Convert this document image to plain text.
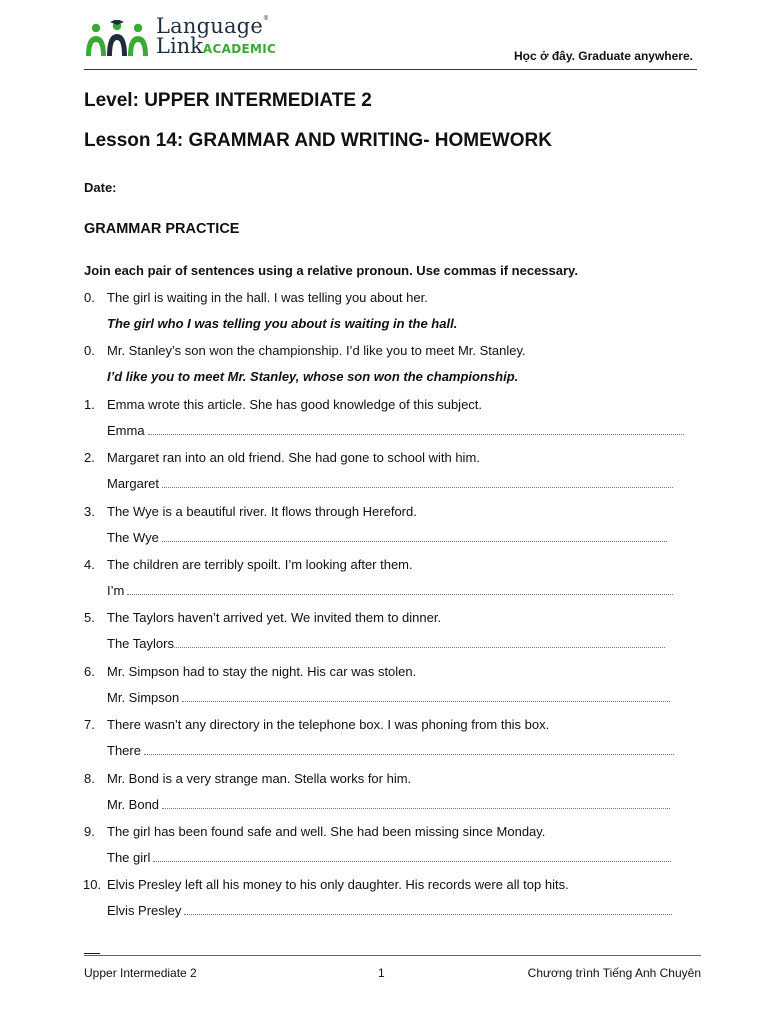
Language®
LinkACADEMIC	Học ở đây. Graduate anywhere.
Level: UPPER INTERMEDIATE 2
Lesson 14: GRAMMAR AND WRITING- HOMEWORK
Date:
GRAMMAR PRACTICE
Join each pair of sentences using a relative pronoun. Use commas if necessary.
0. The girl is waiting in the hall. I was telling you about her.
The girl who I was telling you about is waiting in the hall.
0. Mr. Stanley’s son won the championship. I’d like you to meet Mr. Stanley.
I’d like you to meet Mr. Stanley, whose son won the championship.
1. Emma wrote this article. She has good knowledge of this subject.
Emma
2. Margaret ran into an old friend. She had gone to school with him.
Margaret
3. The Wye is a beautiful river. It flows through Hereford.
The Wye
4. The children are terribly spoilt. I’m looking after them.
I’m
5. The Taylors haven’t arrived yet. We invited them to dinner.
The Taylors
6. Mr. Simpson had to stay the night. His car was stolen.
Mr. Simpson
7. There wasn’t any directory in the telephone box. I was phoning from this box.
There
8. Mr. Bond is a very strange man. Stella works for him.
Mr. Bond
9. The girl has been found safe and well. She had been missing since Monday.
The girl
10. Elvis Presley left all his money to his only daughter. His records were all top hits.
Elvis Presley
Upper Intermediate 2	1	Chương trình Tiếng Anh Chuyên
